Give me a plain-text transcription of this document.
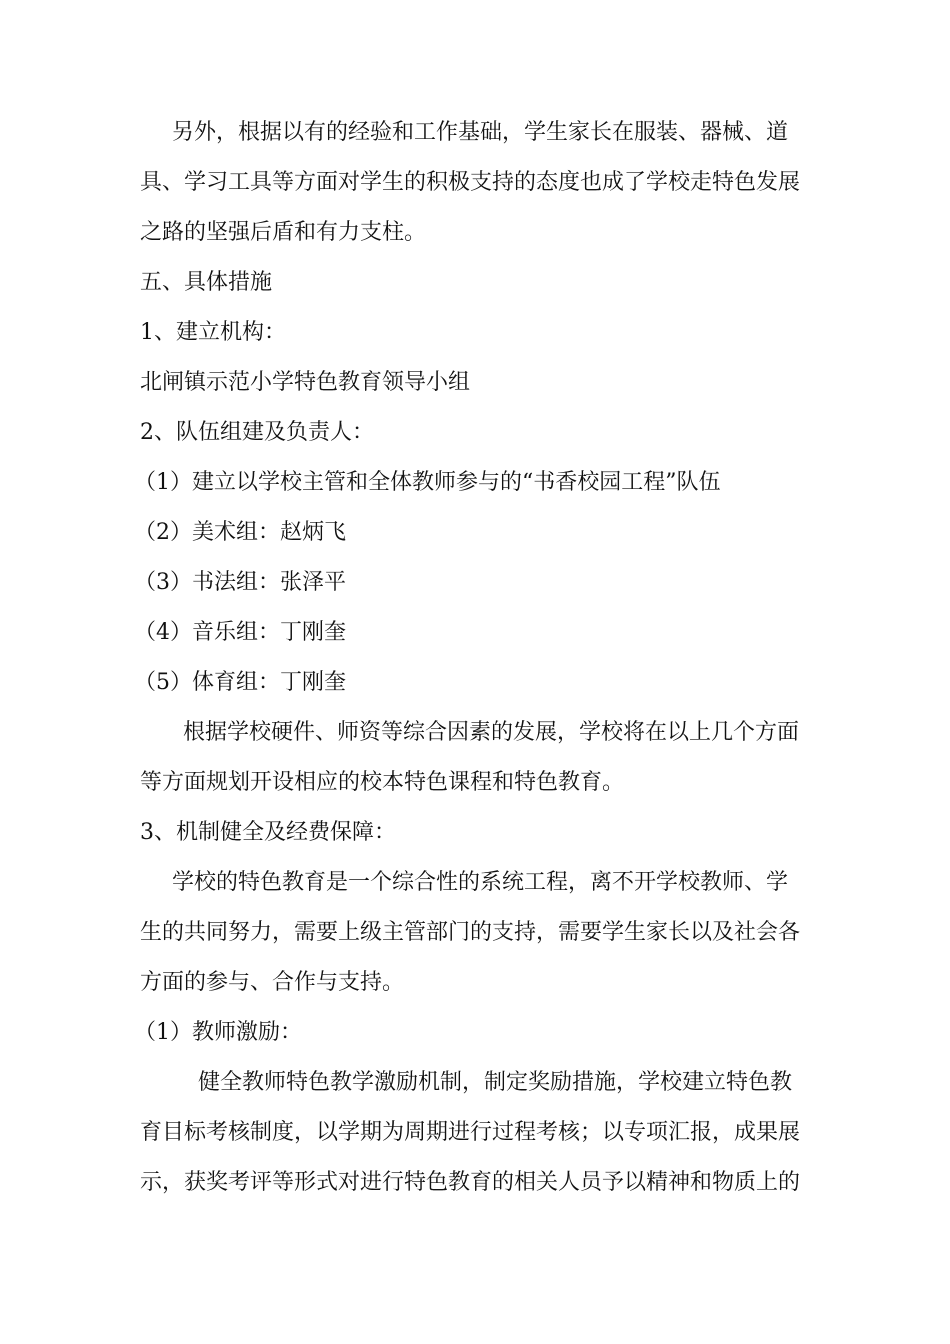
另外，根据以有的经验和工作基础，学生家长在服装、器械、道
具、学习工具等方面对学生的积极支持的态度也成了学校走特色发展
之路的坚强后盾和有力支柱。
五、具体措施
1、建立机构：
北闸镇示范小学特色教育领导小组
2、队伍组建及负责人：
（1）建立以学校主管和全体教师参与的“书香校园工程”队伍
（2）美术组：赵炳飞
（3）书法组：张泽平
（4）音乐组：丁刚奎
（5）体育组：丁刚奎
根据学校硬件、师资等综合因素的发展，学校将在以上几个方面
等方面规划开设相应的校本特色课程和特色教育。
3、机制健全及经费保障：
学校的特色教育是一个综合性的系统工程，离不开学校教师、学
生的共同努力，需要上级主管部门的支持，需要学生家长以及社会各
方面的参与、合作与支持。
（1）教师激励：
健全教师特色教学激励机制，制定奖励措施，学校建立特色教
育目标考核制度，以学期为周期进行过程考核；以专项汇报，成果展
示，获奖考评等形式对进行特色教育的相关人员予以精神和物质上的
